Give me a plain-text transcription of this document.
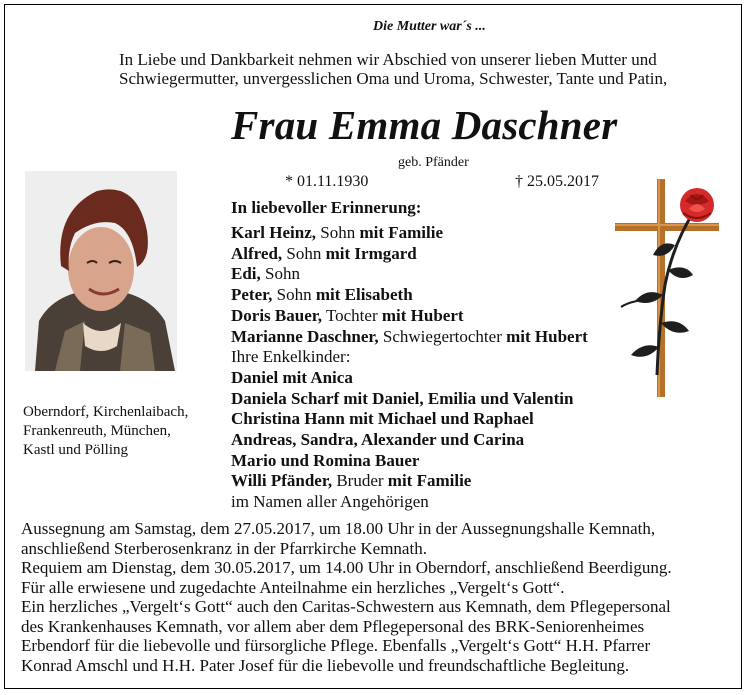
Die Mutter war´s ...
In Liebe und Dankbarkeit nehmen wir Abschied von unserer lieben Mutter und
Schwiegermutter, unvergesslichen Oma und Uroma, Schwester, Tante und Patin,
Frau Emma Daschner
geb. Pfänder
* 01.11.1930	† 25.05.2017
Oberndorf, Kirchenlaibach,
Frankenreuth, München,
Kastl und Pölling
In liebevoller Erinnerung:
Karl Heinz, Sohn mit Familie
Alfred, Sohn mit Irmgard
Edi, Sohn
Peter, Sohn mit Elisabeth
Doris Bauer, Tochter mit Hubert
Marianne Daschner, Schwiegertochter mit Hubert
Ihre Enkelkinder:
Daniel mit Anica
Daniela Scharf mit Daniel, Emilia und Valentin
Christina Hann mit Michael und Raphael
Andreas, Sandra, Alexander und Carina
Mario und Romina Bauer
Willi Pfänder, Bruder mit Familie
im Namen aller Angehörigen
Aussegnung am Samstag, dem 27.05.2017, um 18.00 Uhr in der Aussegnungshalle Kemnath,
anschließend Sterberosenkranz in der Pfarrkirche Kemnath.
Requiem am Dienstag, dem 30.05.2017, um 14.00 Uhr in Oberndorf, anschließend Beerdigung.
Für alle erwiesene und zugedachte Anteilnahme ein herzliches „Vergelt‘s Gott“.
Ein herzliches „Vergelt‘s Gott“ auch den Caritas-Schwestern aus Kemnath, dem Pflegepersonal
des Krankenhauses Kemnath, vor allem aber dem Pflegepersonal des BRK-Seniorenheimes
Erbendorf für die liebevolle und fürsorgliche Pflege. Ebenfalls „Vergelt‘s Gott“ H.H. Pfarrer
Konrad Amschl und H.H. Pater Josef für die liebevolle und freundschaftliche Begleitung.
